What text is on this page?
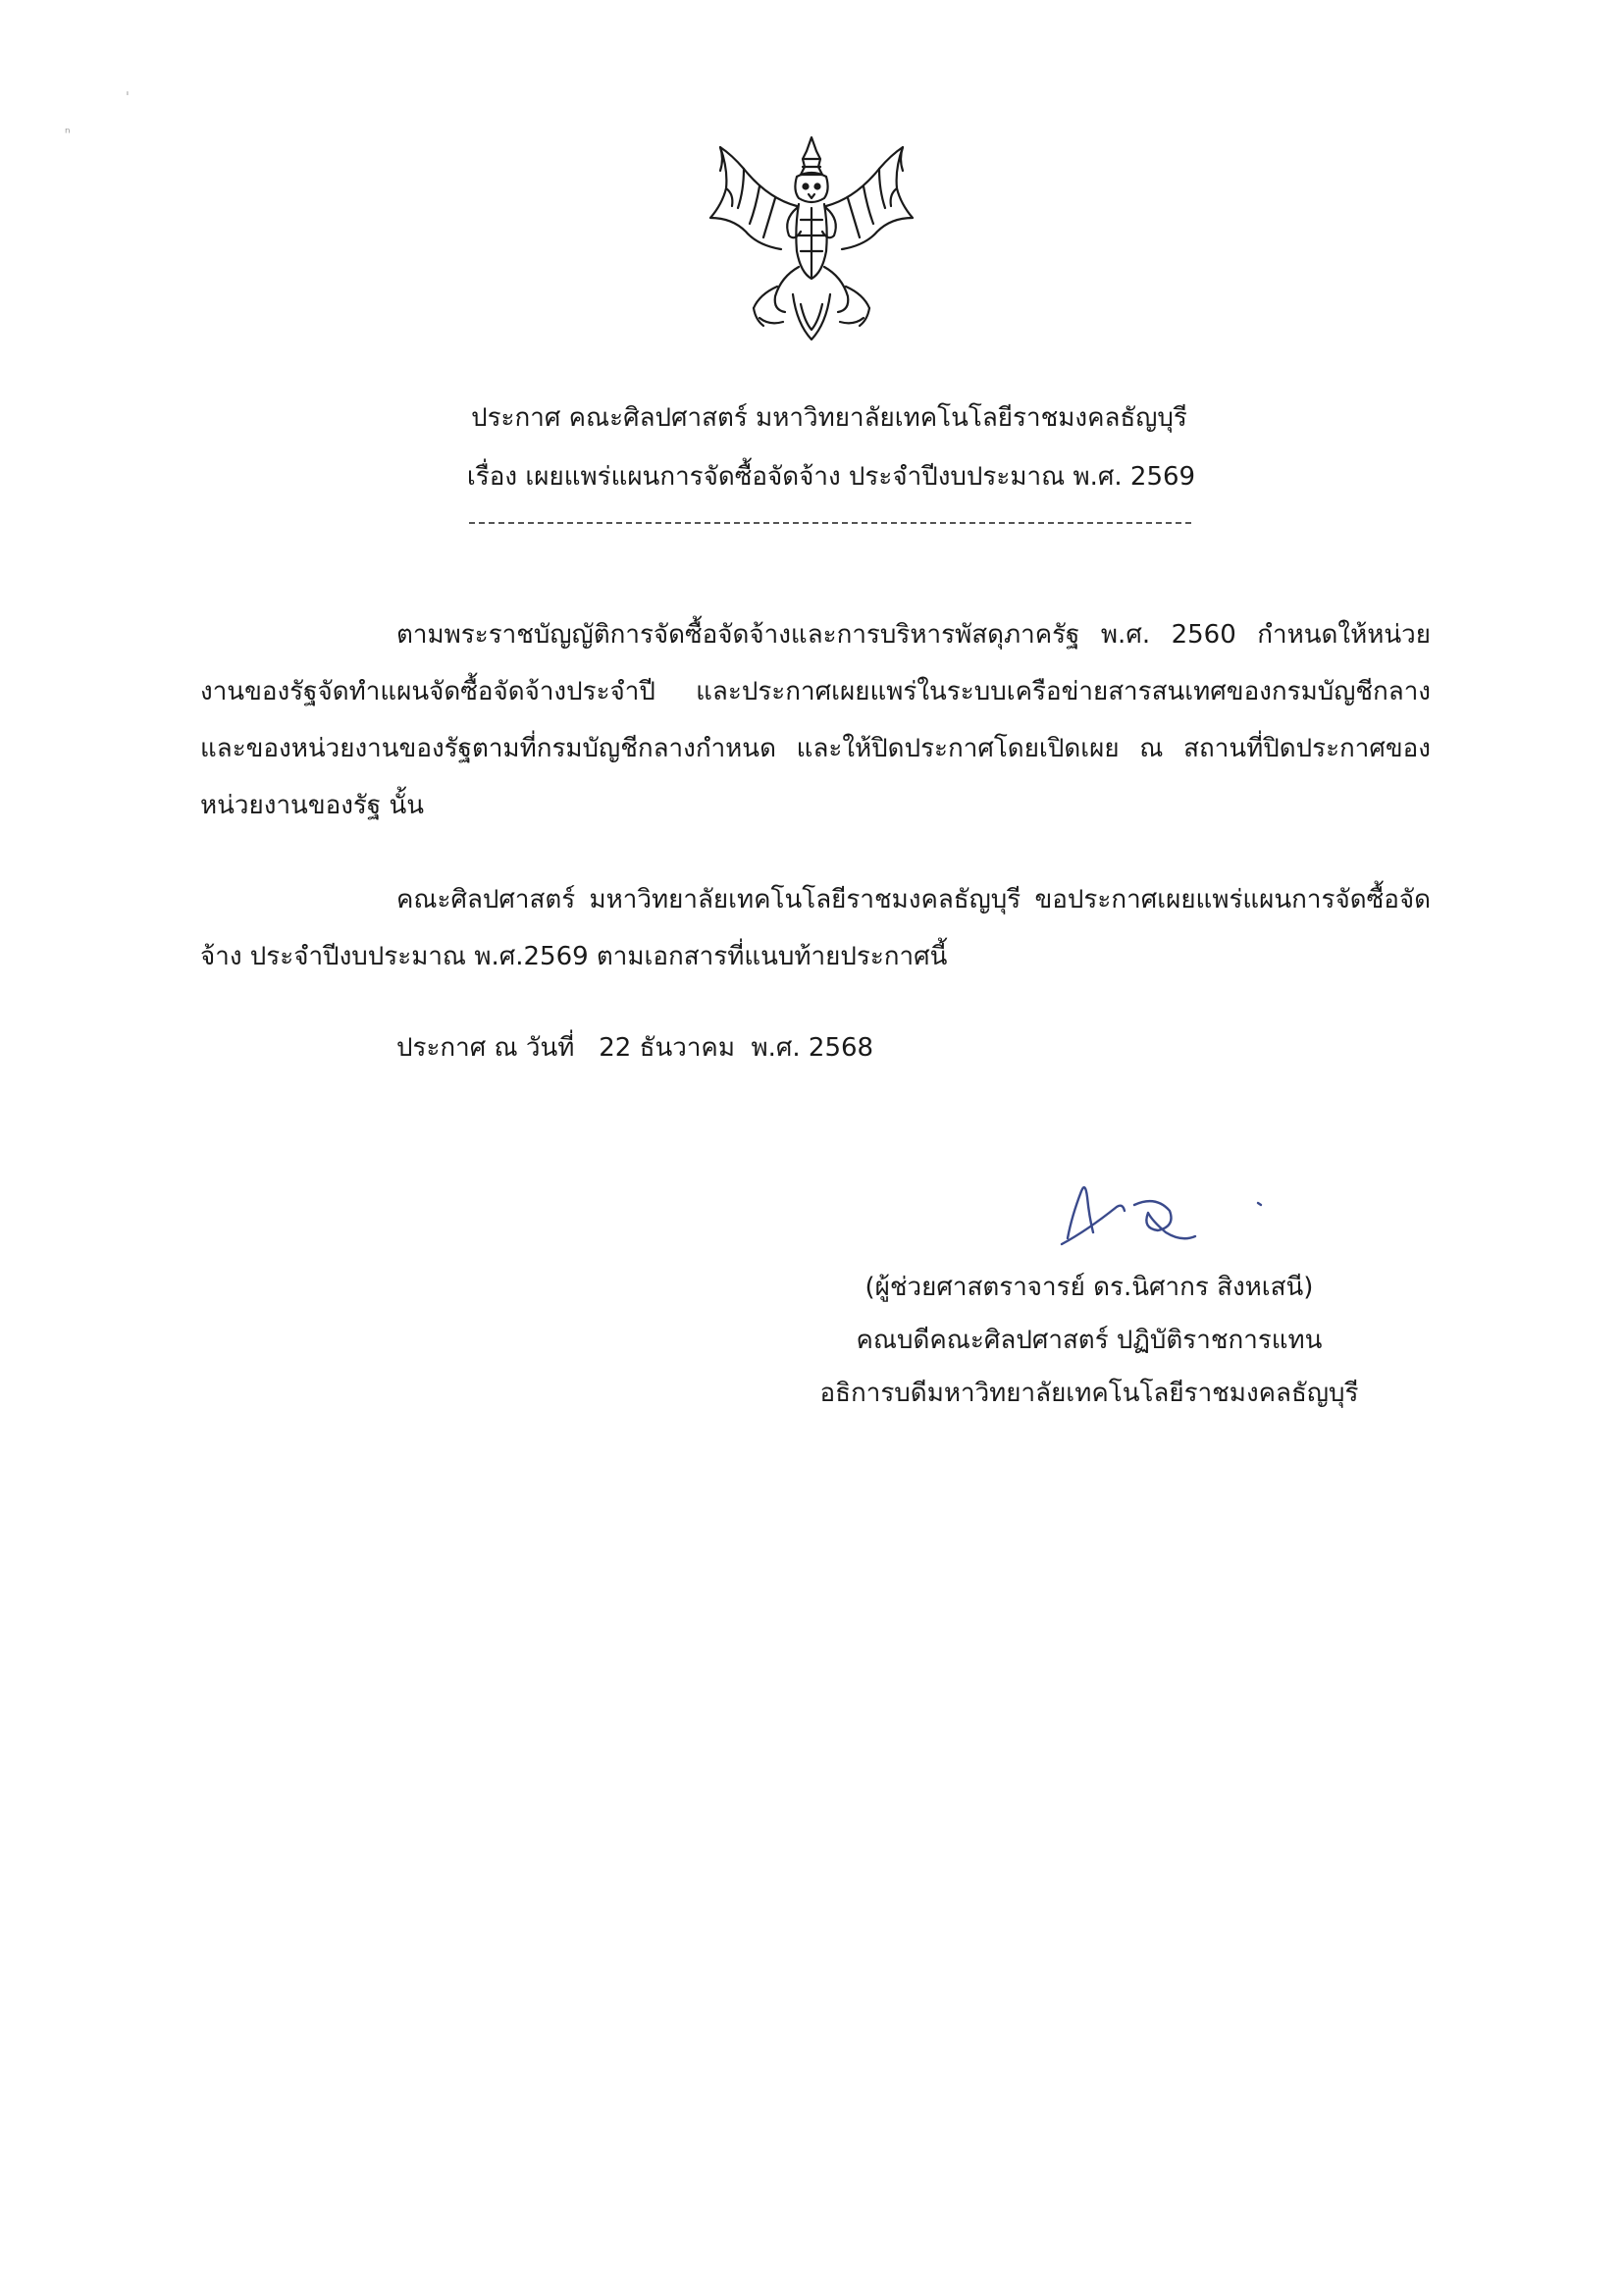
ˈ
ⁿ
ประกาศ คณะศิลปศาสตร์ มหาวิทยาลัยเทคโนโลยีราชมงคลธัญบุรี
เรื่อง เผยแพร่แผนการจัดซื้อจัดจ้าง ประจำปีงบประมาณ พ.ศ. 2569
ตามพระราชบัญญัติการจัดซื้อจัดจ้างและการบริหารพัสดุภาครัฐ พ.ศ. 2560 กำหนดให้หน่วยงานของรัฐจัดทำแผนจัดซื้อจัดจ้างประจำปี และประกาศเผยแพร่ในระบบเครือข่ายสารสนเทศของกรมบัญชีกลางและของหน่วยงานของรัฐตามที่กรมบัญชีกลางกำหนด และให้ปิดประกาศโดยเปิดเผย ณ สถานที่ปิดประกาศของหน่วยงานของรัฐ นั้น
คณะศิลปศาสตร์ มหาวิทยาลัยเทคโนโลยีราชมงคลธัญบุรี ขอประกาศเผยแพร่แผนการจัดซื้อจัดจ้าง ประจำปีงบประมาณ พ.ศ.2569 ตามเอกสารที่แนบท้ายประกาศนี้
ประกาศ ณ วันที่   22 ธันวาคม  พ.ศ. 2568
(ผู้ช่วยศาสตราจารย์ ดร.นิศากร สิงหเสนี)
คณบดีคณะศิลปศาสตร์ ปฏิบัติราชการแทน
อธิการบดีมหาวิทยาลัยเทคโนโลยีราชมงคลธัญบุรี
